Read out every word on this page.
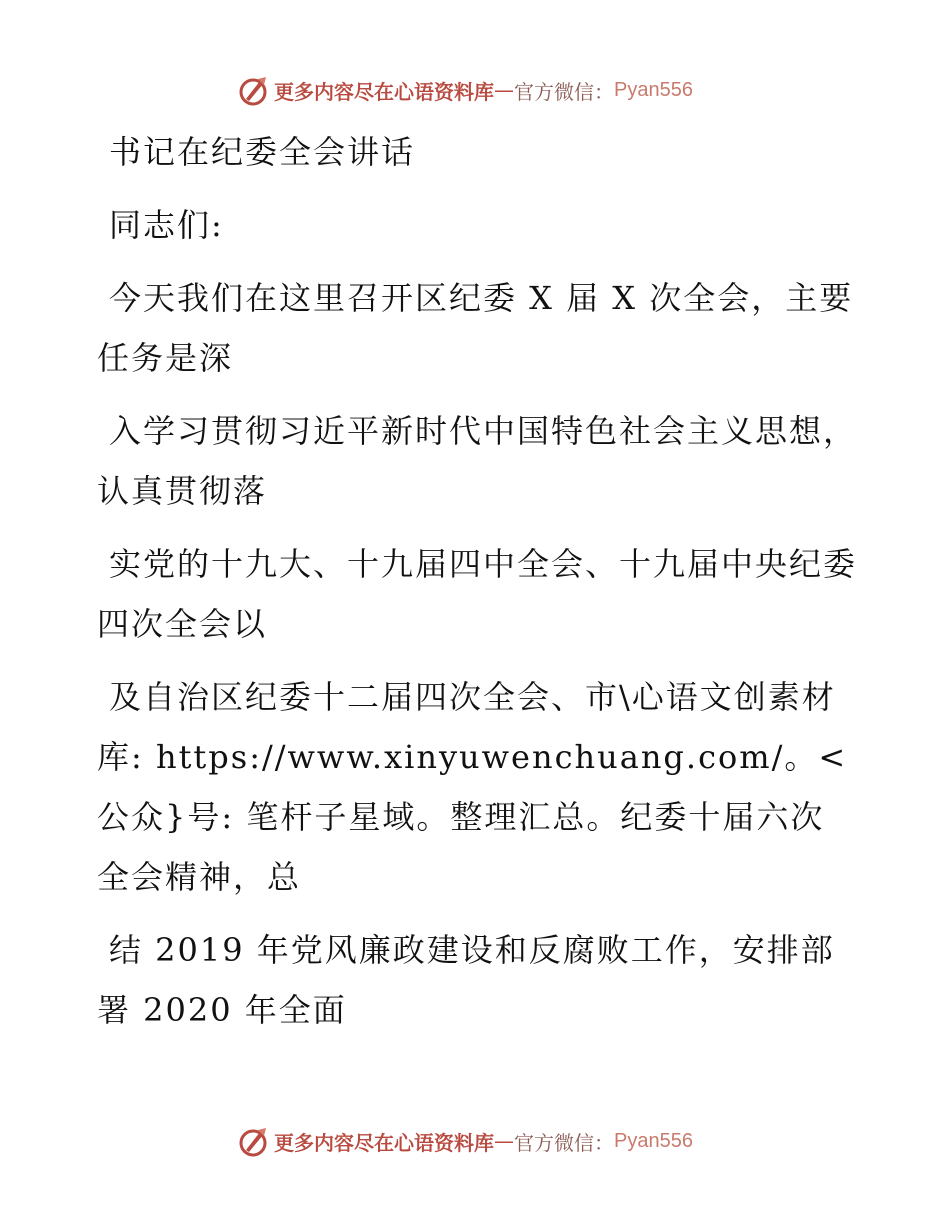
更多内容尽在心语资料库 — 官方微信： Pyan556

书记在纪委全会讲话

同志们:

今天我们在这里召开区纪委 X 届 X 次全会，主要任务是深

入学习贯彻习近平新时代中国特色社会主义思想，认真贯彻落

实党的十九大、十九届四中全会、十九届中央纪委四次全会以

及自治区纪委十二届四次全会、市\心语文创素材库: https://www.xinyuwenchuang.com/。<公众}号: 笔杆子星域。整理汇总。纪委十届六次全会精神，总

结 2019 年党风廉政建设和反腐败工作，安排部署 2020 年全面

更多内容尽在心语资料库 — 官方微信： Pyan556
